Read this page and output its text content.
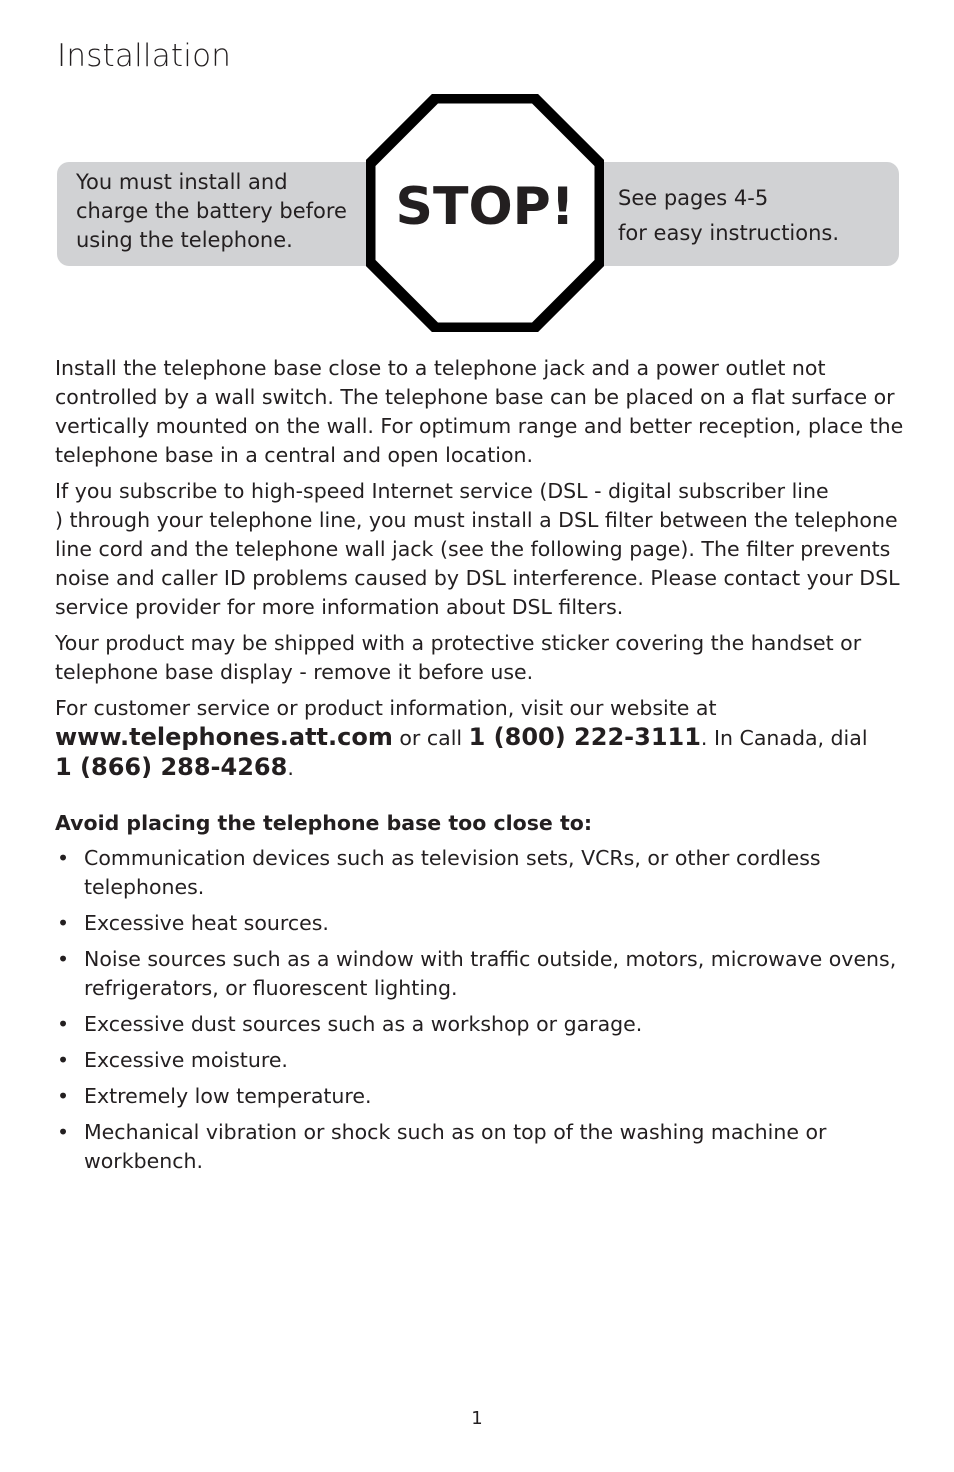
Installation
You must install and
charge the battery before
using the telephone.
STOP!	See pages 4-5
for easy instructions.

Install the telephone base close to a telephone jack and a power outlet not controlled by a wall switch. The telephone base can be placed on a flat surface or vertically mounted on the wall. For optimum range and better reception, place the telephone base in a central and open location.

If you subscribe to high-speed Internet service (DSL - digital subscriber line
) through your telephone line, you must install a DSL filter between the telephone line cord and the telephone wall jack (see the following page). The filter prevents noise and caller ID problems caused by DSL interference. Please contact your DSL service provider for more information about DSL filters.

Your product may be shipped with a protective sticker covering the handset or telephone base display - remove it before use.

For customer service or product information, visit our website at
www.telephones.att.com or call 1 (800) 222-3111. In Canada, dial
1 (866) 288-4268.

Avoid placing the telephone base too close to:

• Communication devices such as television sets, VCRs, or other cordless telephones.
• Excessive heat sources.
• Noise sources such as a window with traffic outside, motors, microwave ovens, refrigerators, or fluorescent lighting.
• Excessive dust sources such as a workshop or garage.
• Excessive moisture.
• Extremely low temperature.
• Mechanical vibration or shock such as on top of the washing machine or workbench.
1
